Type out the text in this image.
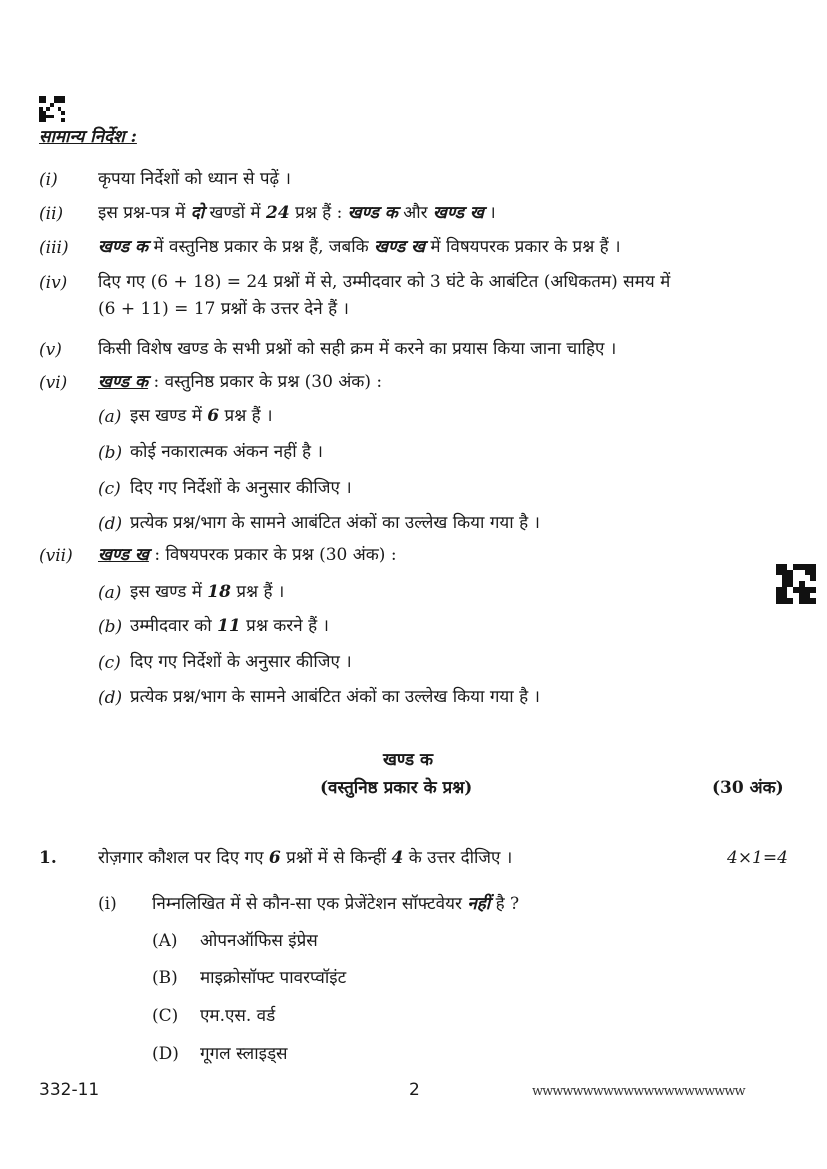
सामान्य निर्देश :
(i) कृपया निर्देशों को ध्यान से पढ़ें ।
(ii) इस प्रश्न-पत्र में दो खण्डों में 24 प्रश्न हैं : खण्ड क और खण्ड ख ।
(iii) खण्ड क में वस्तुनिष्ठ प्रकार के प्रश्न हैं, जबकि खण्ड ख में विषयपरक प्रकार के प्रश्न हैं ।
(iv) दिए गए (6 + 18) = 24 प्रश्नों में से, उम्मीदवार को 3 घंटे के आबंटित (अधिकतम) समय में
(6 + 11) = 17 प्रश्नों के उत्तर देने हैं ।
(v) किसी विशेष खण्ड के सभी प्रश्नों को सही क्रम में करने का प्रयास किया जाना चाहिए ।
(vi) खण्ड क : वस्तुनिष्ठ प्रकार के प्रश्न (30 अंक) :
(a) इस खण्ड में 6 प्रश्न हैं ।
(b) कोई नकारात्मक अंकन नहीं है ।
(c) दिए गए निर्देशों के अनुसार कीजिए ।
(d) प्रत्येक प्रश्न/भाग के सामने आबंटित अंकों का उल्लेख किया गया है ।
(vii) खण्ड ख : विषयपरक प्रकार के प्रश्न (30 अंक) :
(a) इस खण्ड में 18 प्रश्न हैं ।
(b) उम्मीदवार को 11 प्रश्न करने हैं ।
(c) दिए गए निर्देशों के अनुसार कीजिए ।
(d) प्रत्येक प्रश्न/भाग के सामने आबंटित अंकों का उल्लेख किया गया है ।
खण्ड क
(वस्तुनिष्ठ प्रकार के प्रश्न)	(30 अंक)
1. रोज़गार कौशल पर दिए गए 6 प्रश्नों में से किन्हीं 4 के उत्तर दीजिए ।	4×1=4
(i) निम्नलिखित में से कौन-सा एक प्रेजेंटेशन सॉफ्टवेयर नहीं है ?
(A) ओपनऑफिस इंप्रेस
(B) माइक्रोसॉफ्ट पावरप्वॉइंट
(C) एम.एस. वर्ड
(D) गूगल स्लाइड्स
332-11	2	wwwwwwwwwwwwwwwwwwwww
